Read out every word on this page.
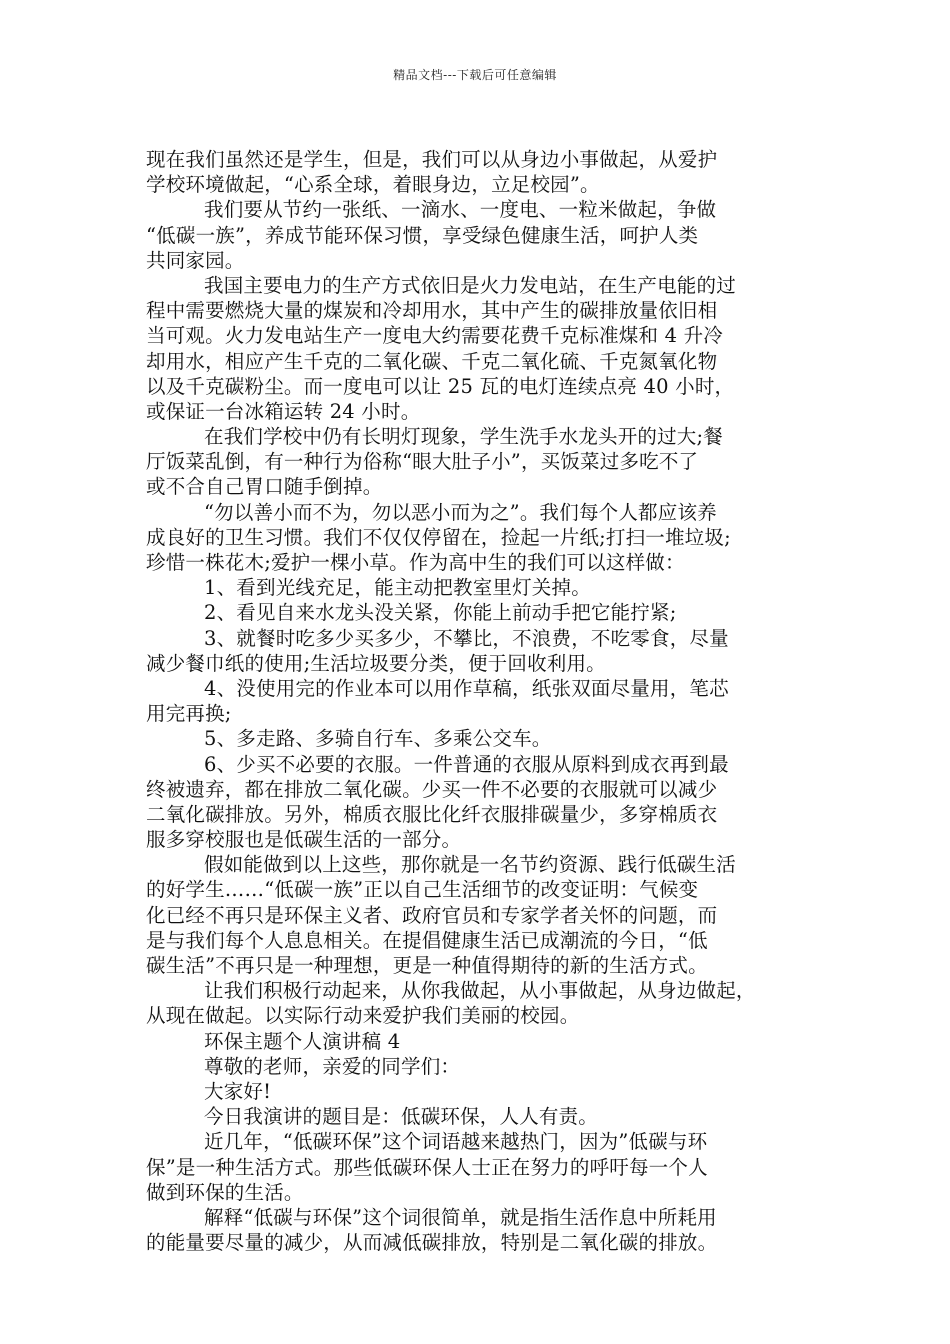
精品文档---下载后可任意编辑
现在我们虽然还是学生，但是，我们可以从身边小事做起，从爱护
学校环境做起，“心系全球，着眼身边，立足校园”。
我们要从节约一张纸、一滴水、一度电、一粒米做起，争做
“低碳一族”，养成节能环保习惯，享受绿色健康生活，呵护人类
共同家园。
我国主要电力的生产方式依旧是火力发电站，在生产电能的过
程中需要燃烧大量的煤炭和冷却用水，其中产生的碳排放量依旧相
当可观。火力发电站生产一度电大约需要花费千克标准煤和 4 升冷
却用水，相应产生千克的二氧化碳、千克二氧化硫、千克氮氧化物
以及千克碳粉尘。而一度电可以让 25 瓦的电灯连续点亮 40 小时，
或保证一台冰箱运转 24 小时。
在我们学校中仍有长明灯现象，学生洗手水龙头开的过大;餐
厅饭菜乱倒，有一种行为俗称“眼大肚子小”，买饭菜过多吃不了
或不合自己胃口随手倒掉。
“勿以善小而不为，勿以恶小而为之”。我们每个人都应该养
成良好的卫生习惯。我们不仅仅停留在，捡起一片纸;打扫一堆垃圾;
珍惜一株花木;爱护一棵小草。作为高中生的我们可以这样做：
1、看到光线充足，能主动把教室里灯关掉。
2、看见自来水龙头没关紧，你能上前动手把它能拧紧;
3、就餐时吃多少买多少，不攀比，不浪费，不吃零食，尽量
减少餐巾纸的使用;生活垃圾要分类，便于回收利用。
4、没使用完的作业本可以用作草稿，纸张双面尽量用，笔芯
用完再换;
5、多走路、多骑自行车、多乘公交车。
6、少买不必要的衣服。一件普通的衣服从原料到成衣再到最
终被遗弃，都在排放二氧化碳。少买一件不必要的衣服就可以减少
二氧化碳排放。另外，棉质衣服比化纤衣服排碳量少，多穿棉质衣
服多穿校服也是低碳生活的一部分。
假如能做到以上这些，那你就是一名节约资源、践行低碳生活
的好学生……“低碳一族”正以自己生活细节的改变证明：气候变
化已经不再只是环保主义者、政府官员和专家学者关怀的问题，而
是与我们每个人息息相关。在提倡健康生活已成潮流的今日，“低
碳生活”不再只是一种理想，更是一种值得期待的新的生活方式。
让我们积极行动起来，从你我做起，从小事做起，从身边做起，
从现在做起。以实际行动来爱护我们美丽的校园。
环保主题个人演讲稿 4
尊敬的老师，亲爱的同学们：
大家好!
今日我演讲的题目是：低碳环保，人人有责。
近几年，“低碳环保”这个词语越来越热门，因为”低碳与环
保”是一种生活方式。那些低碳环保人士正在努力的呼吁每一个人
做到环保的生活。
解释“低碳与环保”这个词很简单，就是指生活作息中所耗用
的能量要尽量的减少，从而减低碳排放，特别是二氧化碳的排放。
